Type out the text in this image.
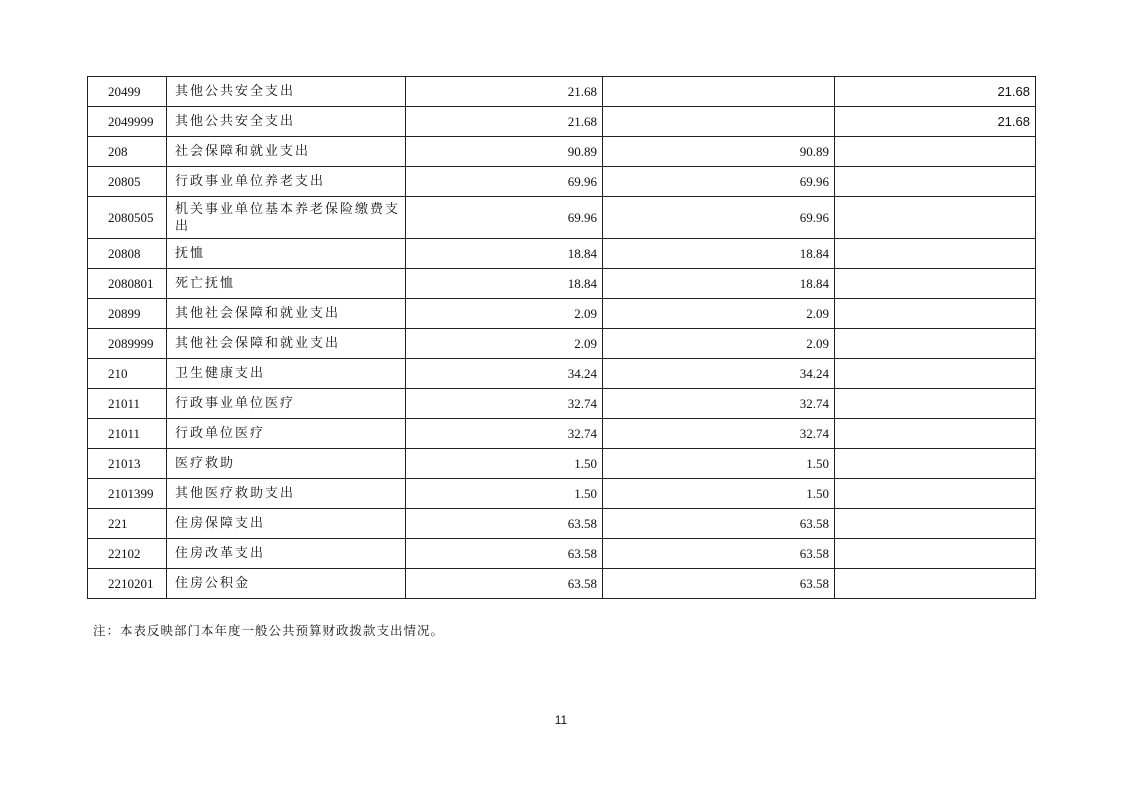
20499	其他公共安全支出	21.68		21.68
2049999	其他公共安全支出	21.68		21.68
208	社会保障和就业支出	90.89	90.89	
20805	行政事业单位养老支出	69.96	69.96	
2080505	机关事业单位基本养老保险缴费支出	69.96	69.96	
20808	抚恤	18.84	18.84	
2080801	死亡抚恤	18.84	18.84	
20899	其他社会保障和就业支出	2.09	2.09	
2089999	其他社会保障和就业支出	2.09	2.09	
210	卫生健康支出	34.24	34.24	
21011	行政事业单位医疗	32.74	32.74	
21011	行政单位医疗	32.74	32.74	
21013	医疗救助	1.50	1.50	
2101399	其他医疗救助支出	1.50	1.50	
221	住房保障支出	63.58	63.58	
22102	住房改革支出	63.58	63.58	
2210201	住房公积金	63.58	63.58	

注：本表反映部门本年度一般公共预算财政拨款支出情况。

11
